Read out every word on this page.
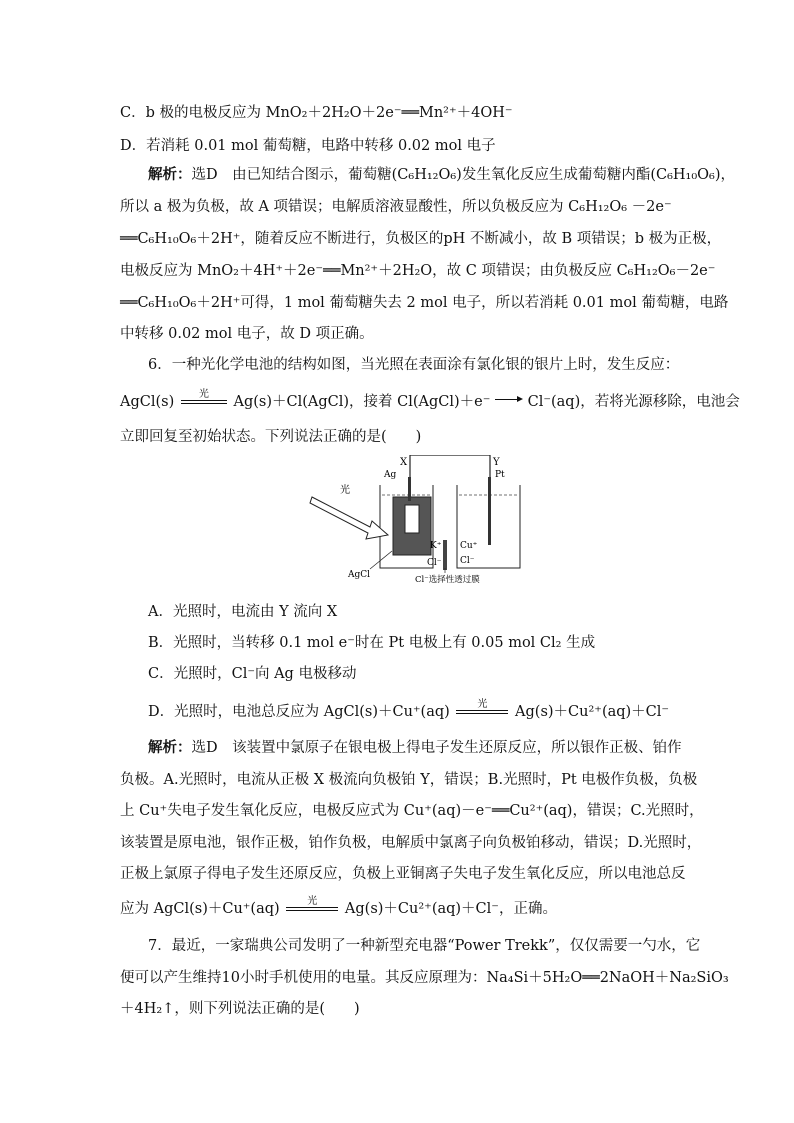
C．b 极的电极反应为 MnO₂＋2H₂O＋2e⁻══Mn²⁺＋4OH⁻
D．若消耗 0.01 mol 葡萄糖，电路中转移 0.02 mol 电子
解析：选D　由已知结合图示，葡萄糖(C₆H₁₂O₆)发生氧化反应生成葡萄糖内酯(C₆H₁₀O₆)，
所以 a 极为负极，故 A 项错误；电解质溶液显酸性，所以负极反应为 C₆H₁₂O₆ －2e⁻
══C₆H₁₀O₆＋2H⁺，随着反应不断进行，负极区的pH 不断减小，故 B 项错误；b 极为正极，
电极反应为 MnO₂＋4H⁺＋2e⁻══Mn²⁺＋2H₂O，故 C 项错误；由负极反应 C₆H₁₂O₆－2e⁻
══C₆H₁₀O₆＋2H⁺可得，1 mol 葡萄糖失去 2 mol 电子，所以若消耗 0.01 mol 葡萄糖，电路
中转移 0.02 mol 电子，故 D 项正确。
6．一种光化学电池的结构如图，当光照在表面涂有氯化银的银片上时，发生反应：
AgCl(s)	光	Ag(s)＋Cl(AgCl)，接着 Cl(AgCl)＋e⁻	Cl⁻(aq)，若将光源移除，电池会
立即回复至初始状态。下列说法正确的是(　　)
X	Y
Ag	Pt
光
K⁺
Cl⁻
Cu⁺
Cl⁻
AgCl	Cl⁻选择性透过膜
A．光照时，电流由 Y 流向 X
B．光照时，当转移 0.1 mol e⁻时在 Pt 电极上有 0.05 mol Cl₂ 生成
C．光照时，Cl⁻向 Ag 电极移动
D．光照时，电池总反应为 AgCl(s)＋Cu⁺(aq)	光	Ag(s)＋Cu²⁺(aq)＋Cl⁻
解析：选D　该装置中氯原子在银电极上得电子发生还原反应，所以银作正极、铂作
负极。A.光照时，电流从正极 X 极流向负极铂 Y，错误；B.光照时，Pt 电极作负极，负极
上 Cu⁺失电子发生氧化反应，电极反应式为 Cu⁺(aq)－e⁻══Cu²⁺(aq)，错误；C.光照时，
该装置是原电池，银作正极，铂作负极，电解质中氯离子向负极铂移动，错误；D.光照时，
正极上氯原子得电子发生还原反应，负极上亚铜离子失电子发生氧化反应，所以电池总反
应为 AgCl(s)＋Cu⁺(aq)	光	Ag(s)＋Cu²⁺(aq)＋Cl⁻，正确。
7．最近，一家瑞典公司发明了一种新型充电器“Power Trekk”，仅仅需要一勺水，它
便可以产生维持10小时手机使用的电量。其反应原理为：Na₄Si＋5H₂O══2NaOH＋Na₂SiO₃
＋4H₂↑，则下列说法正确的是(　　)
